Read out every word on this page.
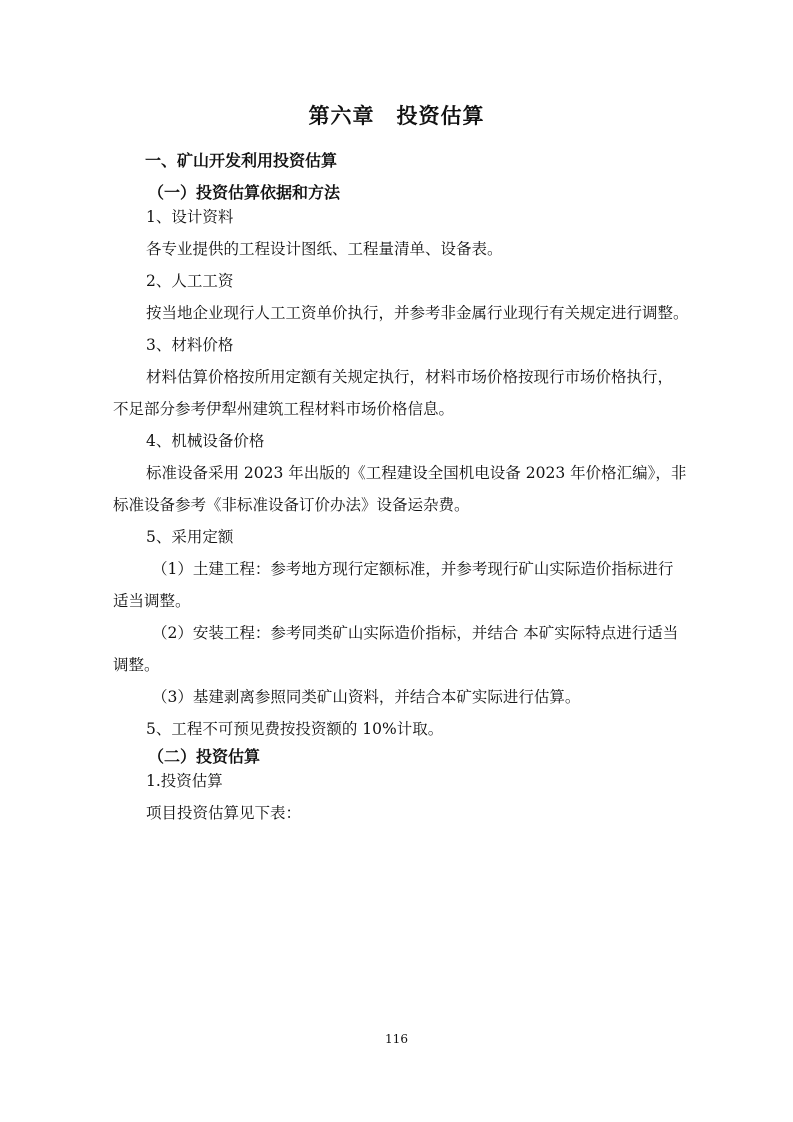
第六章　投资估算
一、矿山开发利用投资估算
（一）投资估算依据和方法
1、设计资料
各专业提供的工程设计图纸、工程量清单、设备表。
2、人工工资
按当地企业现行人工工资单价执行，并参考非金属行业现行有关规定进行调整。
3、材料价格
材料估算价格按所用定额有关规定执行，材料市场价格按现行市场价格执行，
不足部分参考伊犁州建筑工程材料市场价格信息。
4、机械设备价格
标准设备采用 2023 年出版的《工程建设全国机电设备 2023 年价格汇编》，非
标准设备参考《非标准设备订价办法》设备运杂费。
5、采用定额
（1）土建工程：参考地方现行定额标准，并参考现行矿山实际造价指标进行
适当调整。
（2）安装工程：参考同类矿山实际造价指标，并结合 本矿实际特点进行适当
调整。
（3）基建剥离参照同类矿山资料，并结合本矿实际进行估算。
5、工程不可预见费按投资额的 10%计取。
（二）投资估算
1.投资估算
项目投资估算见下表：
116
